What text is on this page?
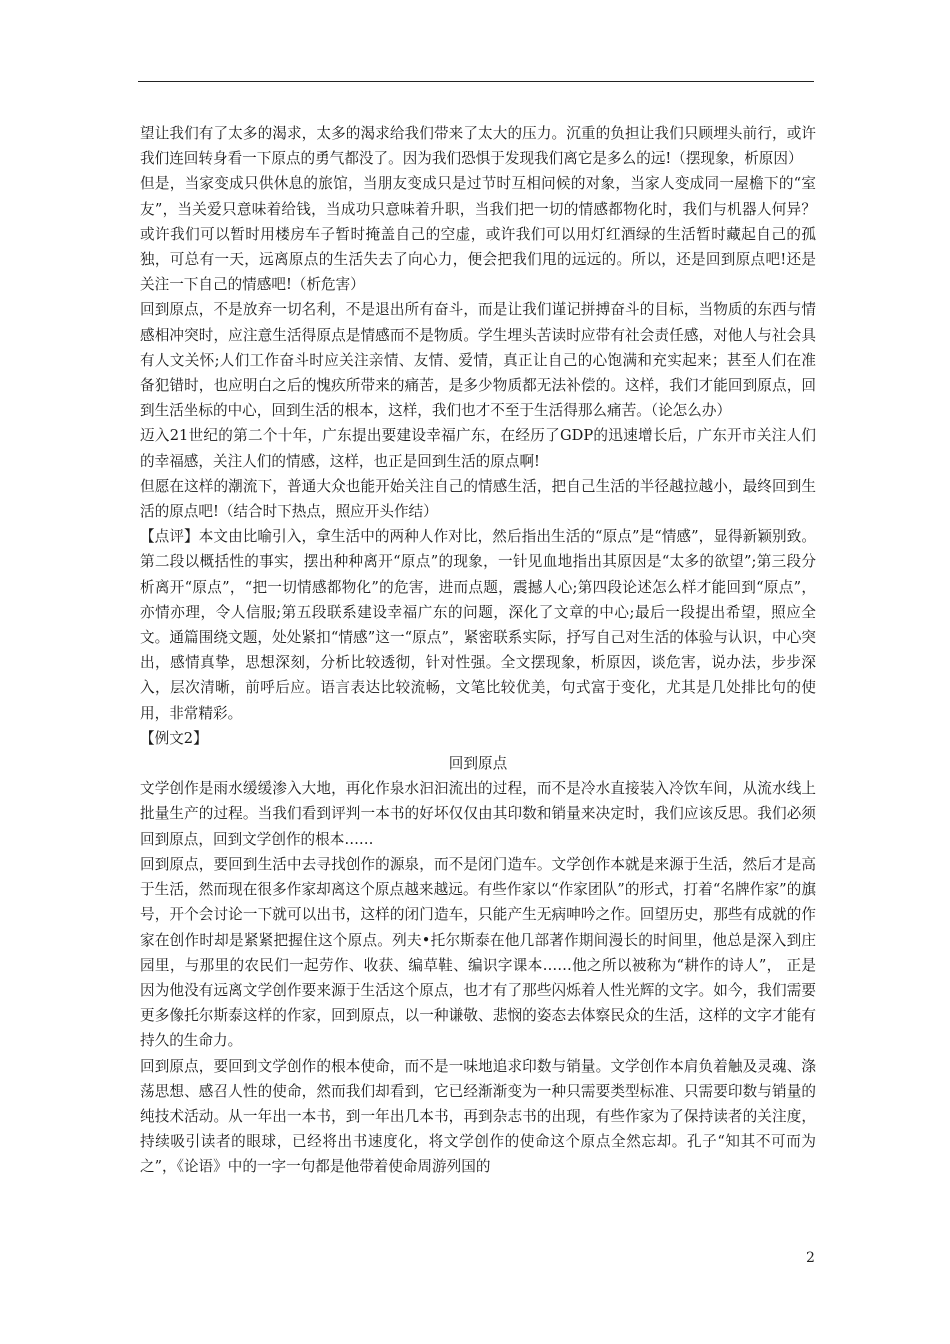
望让我们有了太多的渴求，太多的渴求给我们带来了太大的压力。沉重的负担让我们只顾埋头前行，或许我们连回转身看一下原点的勇气都没了。因为我们恐惧于发现我们离它是多么的远!（摆现象，析原因）

但是，当家变成只供休息的旅馆，当朋友变成只是过节时互相问候的对象，当家人变成同一屋檐下的“室友”，当关爱只意味着给钱，当成功只意味着升职，当我们把一切的情感都物化时，我们与机器人何异？或许我们可以暂时用楼房车子暂时掩盖自己的空虚，或许我们可以用灯红酒绿的生活暂时藏起自己的孤独，可总有一天，远离原点的生活失去了向心力，便会把我们甩的远远的。所以，还是回到原点吧!还是关注一下自己的情感吧!（析危害）

回到原点，不是放弃一切名利，不是退出所有奋斗，而是让我们谨记拼搏奋斗的目标，当物质的东西与情感相冲突时，应注意生活得原点是情感而不是物质。学生埋头苦读时应带有社会责任感，对他人与社会具有人文关怀;人们工作奋斗时应关注亲情、友情、爱情，真正让自己的心饱满和充实起来；甚至人们在准备犯错时，也应明白之后的愧疚所带来的痛苦，是多少物质都无法补偿的。这样，我们才能回到原点，回到生活坐标的中心，回到生活的根本，这样，我们也才不至于生活得那么痛苦。（论怎么办）

迈入21世纪的第二个十年，广东提出要建设幸福广东，在经历了GDP的迅速增长后，广东开市关注人们的幸福感，关注人们的情感，这样，也正是回到生活的原点啊!

但愿在这样的潮流下，普通大众也能开始关注自己的情感生活，把自己生活的半径越拉越小，最终回到生活的原点吧!（结合时下热点，照应开头作结）

【点评】本文由比喻引入，拿生活中的两种人作对比，然后指出生活的“原点”是“情感”，显得新颖别致。第二段以概括性的事实，摆出种种离开“原点”的现象，一针见血地指出其原因是“太多的欲望”;第三段分析离开“原点”，“把一切情感都物化”的危害，进而点题，震撼人心;第四段论述怎么样才能回到“原点”，亦情亦理，令人信服;第五段联系建设幸福广东的问题，深化了文章的中心;最后一段提出希望，照应全文。通篇围绕文题，处处紧扣“情感”这一“原点”，紧密联系实际，抒写自己对生活的体验与认识，中心突出，感情真挚，思想深刻，分析比较透彻，针对性强。全文摆现象，析原因，谈危害，说办法，步步深入，层次清晰，前呼后应。语言表达比较流畅，文笔比较优美，句式富于变化，尤其是几处排比句的使用，非常精彩。

【例文2】

回到原点

文学创作是雨水缓缓渗入大地，再化作泉水汩汩流出的过程，而不是冷水直接装入冷饮车间，从流水线上批量生产的过程。当我们看到评判一本书的好坏仅仅由其印数和销量来决定时，我们应该反思。我们必须回到原点，回到文学创作的根本……

回到原点，要回到生活中去寻找创作的源泉，而不是闭门造车。文学创作本就是来源于生活，然后才是高于生活，然而现在很多作家却离这个原点越来越远。有些作家以“作家团队”的形式，打着“名牌作家”的旗号，开个会讨论一下就可以出书，这样的闭门造车，只能产生无病呻吟之作。回望历史，那些有成就的作家在创作时却是紧紧把握住这个原点。列夫•托尔斯泰在他几部著作期间漫长的时间里，他总是深入到庄园里，与那里的农民们一起劳作、收获、编草鞋、编识字课本……他之所以被称为“耕作的诗人”， 正是因为他没有远离文学创作要来源于生活这个原点，也才有了那些闪烁着人性光辉的文字。如今，我们需要更多像托尔斯泰这样的作家，回到原点，以一种谦敬、悲悯的姿态去体察民众的生活，这样的文字才能有持久的生命力。

回到原点，要回到文学创作的根本使命，而不是一味地追求印数与销量。文学创作本肩负着触及灵魂、涤荡思想、感召人性的使命，然而我们却看到，它已经渐渐变为一种只需要类型标准、只需要印数与销量的纯技术活动。从一年出一本书，到一年出几本书，再到杂志书的出现，有些作家为了保持读者的关注度，持续吸引读者的眼球，已经将出书速度化，将文学创作的使命这个原点全然忘却。孔子“知其不可而为之”，《论语》中的一字一句都是他带着使命周游列国的

2
